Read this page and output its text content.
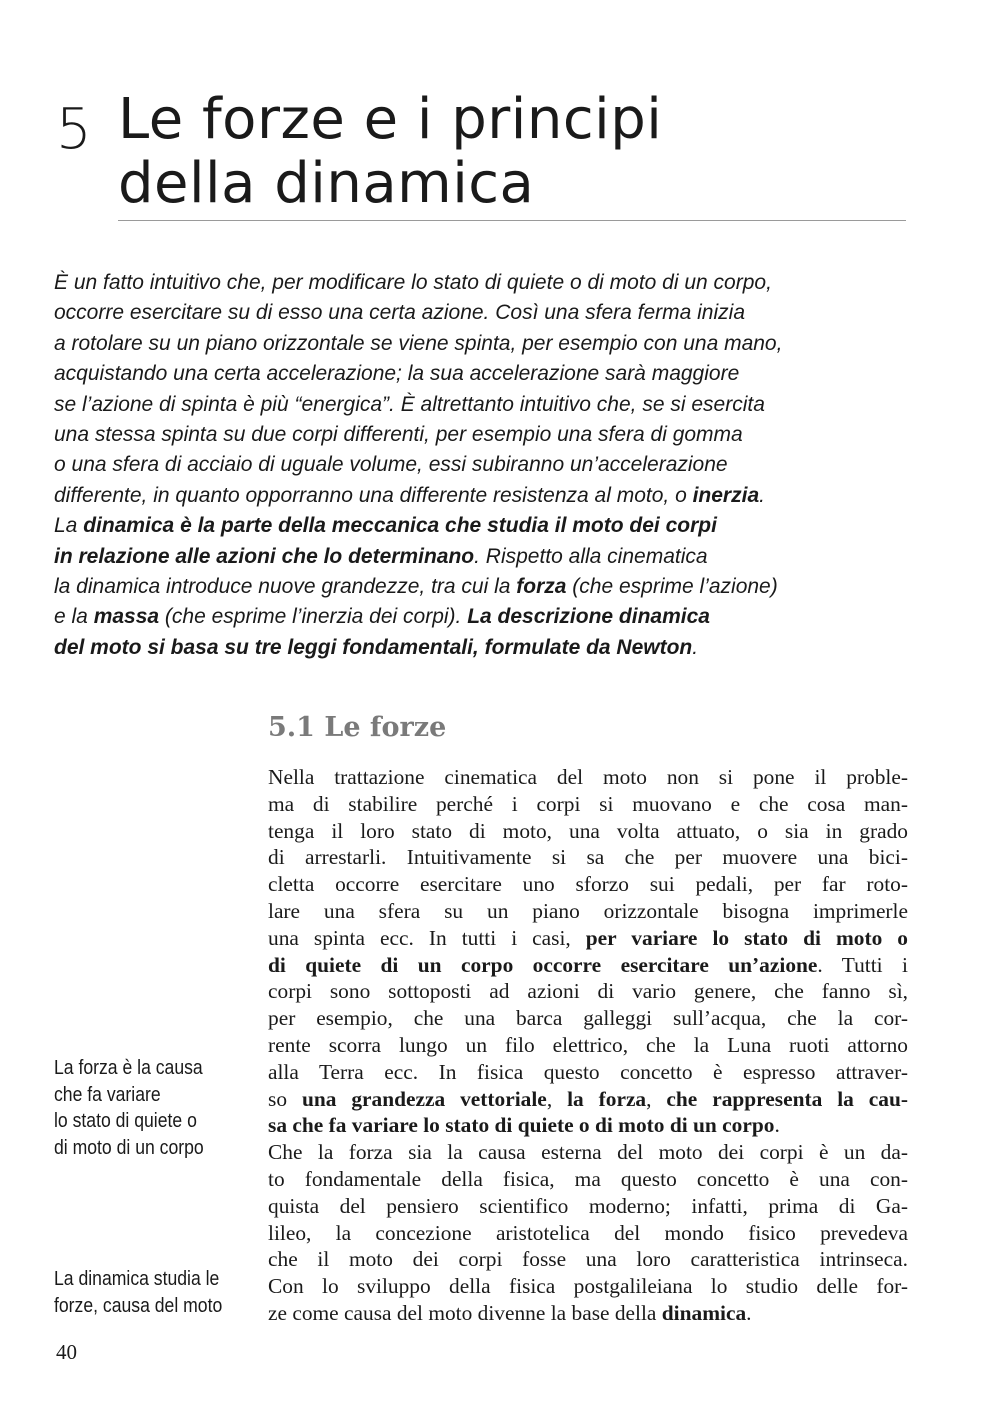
5 Le forze e i principi
della dinamica
È un fatto intuitivo che, per modificare lo stato di quiete o di moto di un corpo,
occorre esercitare su di esso una certa azione. Così una sfera ferma inizia
a rotolare su un piano orizzontale se viene spinta, per esempio con una mano,
acquistando una certa accelerazione; la sua accelerazione sarà maggiore
se l’azione di spinta è più “energica”. È altrettanto intuitivo che, se si esercita
una stessa spinta su due corpi differenti, per esempio una sfera di gomma
o una sfera di acciaio di uguale volume, essi subiranno un’accelerazione
differente, in quanto opporranno una differente resistenza al moto, o inerzia.
La dinamica è la parte della meccanica che studia il moto dei corpi
in relazione alle azioni che lo determinano. Rispetto alla cinematica
la dinamica introduce nuove grandezze, tra cui la forza (che esprime l’azione)
e la massa (che esprime l’inerzia dei corpi). La descrizione dinamica
del moto si basa su tre leggi fondamentali, formulate da Newton.
5.1 Le forze
Nella trattazione cinematica del moto non si pone il proble-
ma di stabilire perché i corpi si muovano e che cosa man-
tenga il loro stato di moto, una volta attuato, o sia in grado
di arrestarli. Intuitivamente si sa che per muovere una bici-
cletta occorre esercitare uno sforzo sui pedali, per far roto-
lare una sfera su un piano orizzontale bisogna imprimerle
una spinta ecc. In tutti i casi, per variare lo stato di moto o
di quiete di un corpo occorre esercitare un’azione. Tutti i
corpi sono sottoposti ad azioni di vario genere, che fanno sì,
per esempio, che una barca galleggi sull’acqua, che la cor-
rente scorra lungo un filo elettrico, che la Luna ruoti attorno
alla Terra ecc. In fisica questo concetto è espresso attraver-
so una grandezza vettoriale, la forza, che rappresenta la cau-
sa che fa variare lo stato di quiete o di moto di un corpo.
Che la forza sia la causa esterna del moto dei corpi è un da-
to fondamentale della fisica, ma questo concetto è una con-
quista del pensiero scientifico moderno; infatti, prima di Ga-
lileo, la concezione aristotelica del mondo fisico prevedeva
che il moto dei corpi fosse una loro caratteristica intrinseca.
Con lo sviluppo della fisica postgalileiana lo studio delle for-
ze come causa del moto divenne la base della dinamica.
La forza è la causa
che fa variare
lo stato di quiete o
di moto di un corpo
La dinamica studia le
forze, causa del moto
40
